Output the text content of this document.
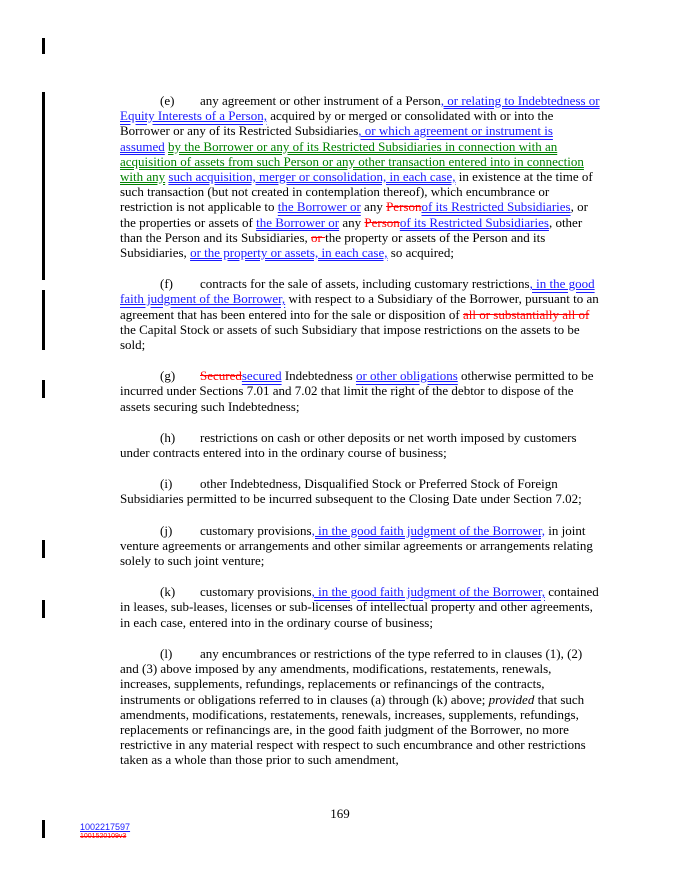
(e) any agreement or other instrument of a Person, or relating to Indebtedness or Equity Interests of a Person, acquired by or merged or consolidated with or into the Borrower or any of its Restricted Subsidiaries, or which agreement or instrument is assumed by the Borrower or any of its Restricted Subsidiaries in connection with an acquisition of assets from such Person or any other transaction entered into in connection with any such acquisition, merger or consolidation, in each case, in existence at the time of such transaction (but not created in contemplation thereof), which encumbrance or restriction is not applicable to the Borrower or any Personof its Restricted Subsidiaries, or the properties or assets of the Borrower or any Personof its Restricted Subsidiaries, other than the Person and its Subsidiaries, or the property or assets of the Person and its Subsidiaries, or the property or assets, in each case, so acquired;

(f) contracts for the sale of assets, including customary restrictions, in the good faith judgment of the Borrower, with respect to a Subsidiary of the Borrower, pursuant to an agreement that has been entered into for the sale or disposition of all or substantially all of the Capital Stock or assets of such Subsidiary that impose restrictions on the assets to be sold;

(g) Securedsecured Indebtedness or other obligations otherwise permitted to be incurred under Sections 7.01 and 7.02 that limit the right of the debtor to dispose of the assets securing such Indebtedness;

(h) restrictions on cash or other deposits or net worth imposed by customers under contracts entered into in the ordinary course of business;

(i) other Indebtedness, Disqualified Stock or Preferred Stock of Foreign Subsidiaries permitted to be incurred subsequent to the Closing Date under Section 7.02;

(j) customary provisions, in the good faith judgment of the Borrower, in joint venture agreements or arrangements and other similar agreements or arrangements relating solely to such joint venture;

(k) customary provisions, in the good faith judgment of the Borrower, contained in leases, sub-leases, licenses or sub-licenses of intellectual property and other agreements, in each case, entered into in the ordinary course of business;

(l) any encumbrances or restrictions of the type referred to in clauses (1), (2) and (3) above imposed by any amendments, modifications, restatements, renewals, increases, supplements, refundings, replacements or refinancings of the contracts, instruments or obligations referred to in clauses (a) through (k) above; provided that such amendments, modifications, restatements, renewals, increases, supplements, refundings, replacements or refinancings are, in the good faith judgment of the Borrower, no more restrictive in any material respect with respect to such encumbrance and other restrictions taken as a whole than those prior to such amendment,

169
1002217597
1001520109v3
